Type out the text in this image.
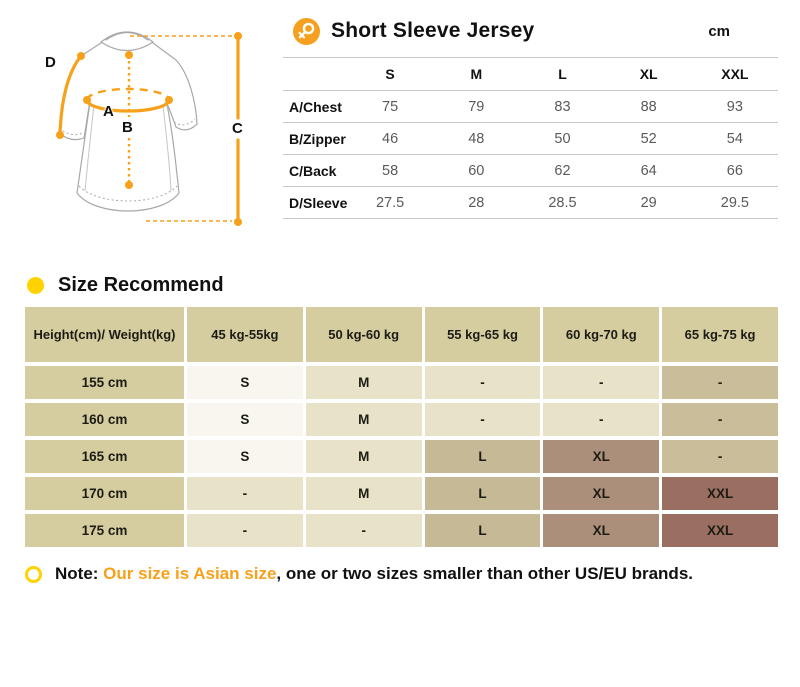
D
A
B	C
Short Sleeve Jersey	cm
	S	M	L	XL	XXL
A/Chest	75	79	83	88	93
B/Zipper	46	48	50	52	54
C/Back	58	60	62	64	66
D/Sleeve	27.5	28	28.5	29	29.5
Size Recommend
Height(cm)/ Weight(kg)	45 kg-55kg	50 kg-60 kg	55 kg-65 kg	60 kg-70 kg	65 kg-75 kg
155 cm	S	M	-	-	-
160 cm	S	M	-	-	-
165 cm	S	M	L	XL	-
170 cm	-	M	L	XL	XXL
175 cm	-	-	L	XL	XXL

Note: Our size is Asian size, one or two sizes smaller than other US/EU brands.
